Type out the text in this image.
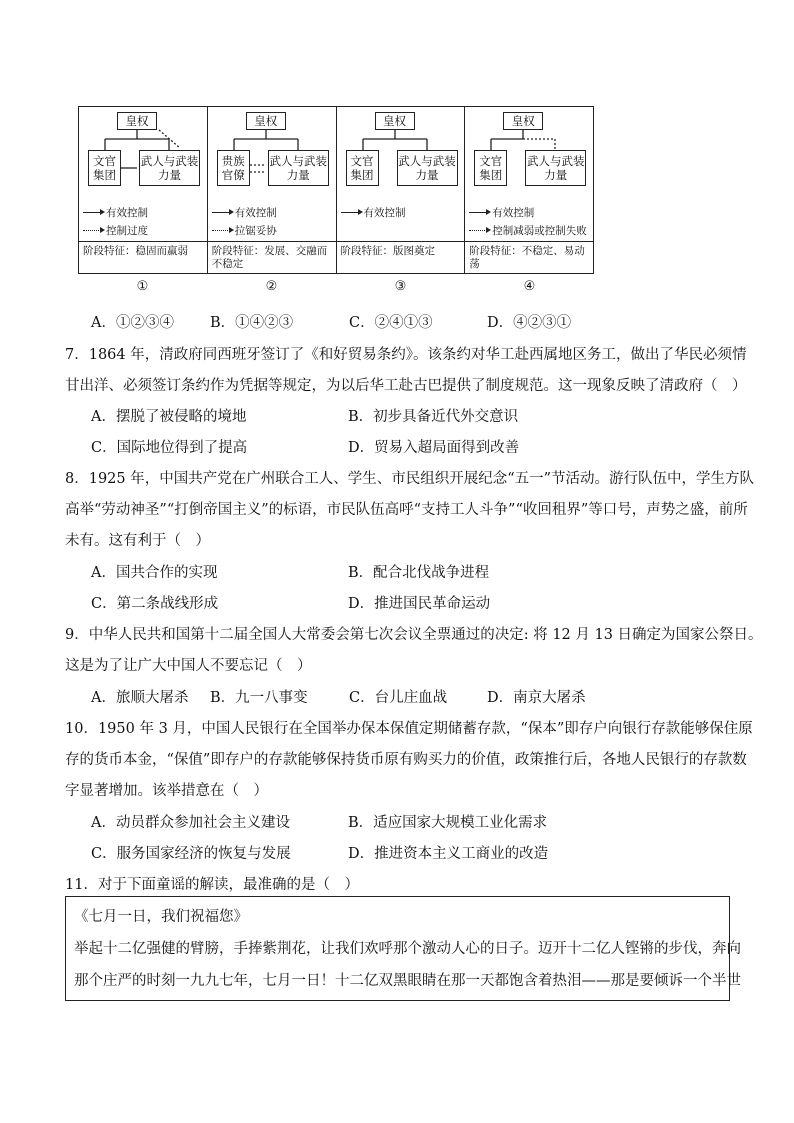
皇权
文官集团
武人与武装力量
有效控制
控制过度
阶段特征：稳固而羸弱
皇权
贵族官僚
武人与武装力量
有效控制
拉锯妥协
阶段特征：发展、交融而不稳定
皇权
文官集团
武人与武装力量
有效控制
阶段特征：版图奠定
皇权
文官集团
武人与武装力量
有效控制
控制减弱或控制失败
阶段特征：不稳定、易动荡
①	②	③	④
A．①②③④ B．①④②③	C．②④①③	D．④②③①
7．1864 年，清政府同西班牙签订了《和好贸易条约》。该条约对华工赴西属地区务工，做出了华民必须情
甘出洋、必须签订条约作为凭据等规定，为以后华工赴古巴提供了制度规范。这一现象反映了清政府（　）
A．摆脱了被侵略的境地	B．初步具备近代外交意识
C．国际地位得到了提高	D．贸易入超局面得到改善
8．1925 年，中国共产党在广州联合工人、学生、市民组织开展纪念“五一”节活动。游行队伍中，学生方队
高举“劳动神圣”“打倒帝国主义”的标语，市民队伍高呼“支持工人斗争”“收回租界”等口号，声势之盛，前所
未有。这有利于（　）
A．国共合作的实现	B．配合北伐战争进程
C．第二条战线形成	D．推进国民革命运动
9．中华人民共和国第十二届全国人大常委会第七次会议全票通过的决定: 将 12 月 13 日确定为国家公祭日。
这是为了让广大中国人不要忘记（　）
A．旅顺大屠杀 B．九一八事变	C．台儿庄血战	D．南京大屠杀
10．1950 年 3 月，中国人民银行在全国举办保本保值定期储蓄存款，“保本”即存户向银行存款能够保住原
存的货币本金，“保值”即存户的存款能够保持货币原有购买力的价值，政策推行后，各地人民银行的存款数
字显著增加。该举措意在（　）
A．动员群众参加社会主义建设	B．适应国家大规模工业化需求
C．服务国家经济的恢复与发展	D．推进资本主义工商业的改造
11．对于下面童谣的解读，最准确的是（　）
《七月一日，我们祝福您》
举起十二亿强健的臂膀，手捧紫荆花，让我们欢呼那个激动人心的日子。迈开十二亿人铿锵的步伐，奔向
那个庄严的时刻一九九七年，七月一日！十二亿双黑眼睛在那一天都饱含着热泪——那是要倾诉一个半世
